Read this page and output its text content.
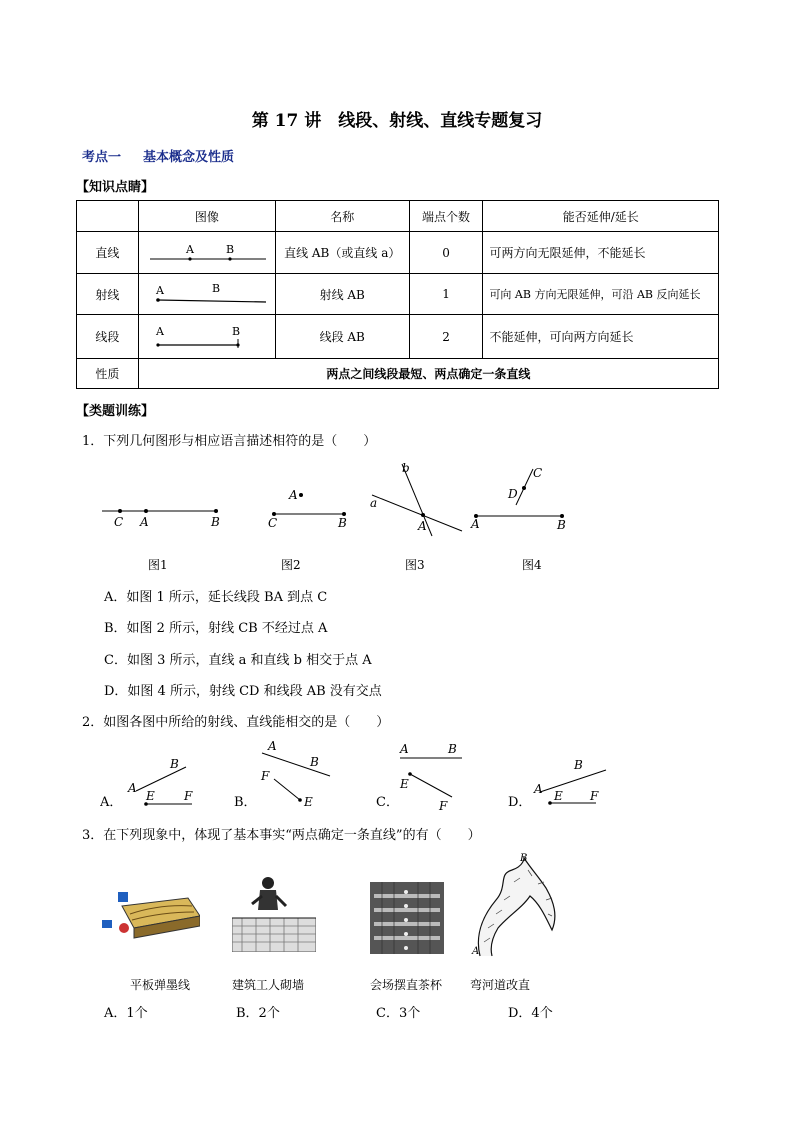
第 17 讲　线段、射线、直线专题复习
考点一 基本概念及性质
【知识点睛】
	图像	名称	端点个数	能否延伸/延长
直线	A B	直线 AB（或直线 a）	0	可两方向无限延伸，不能延长
射线	A B	射线 AB	1	可向 AB 方向无限延伸，可沿 AB 反向延长
线段	A B	线段 AB	2	不能延伸，可向两方向延长
性质	两点之间线段最短、两点确定一条直线			
【类题训练】
1．下列几何图形与相应语言描述相符的是（　　）
C A	B
A
C	B
b
a
A
C
D
A	B
图1	图2	图3	图4
A．如图 1 所示，延长线段 BA 到点 C
B．如图 2 所示，射线 CB 不经过点 A
C．如图 3 所示，直线 a 和直线 b 相交于点 A
D．如图 4 所示，射线 CD 和线段 AB 没有交点
2．如图各图中所给的射线、直线能相交的是（　　）
A．
A
B
E F	B．
A
B
F
E	C．
A	B
E
F	D．
A
B
E F
3．在下列现象中，体现了基本事实“两点确定一条直线”的有（　　）
B
A
平板弹墨线	建筑工人砌墙	会场摆直茶杯 弯河道改直
A．1个	B．2个	C．3个	D．4个
